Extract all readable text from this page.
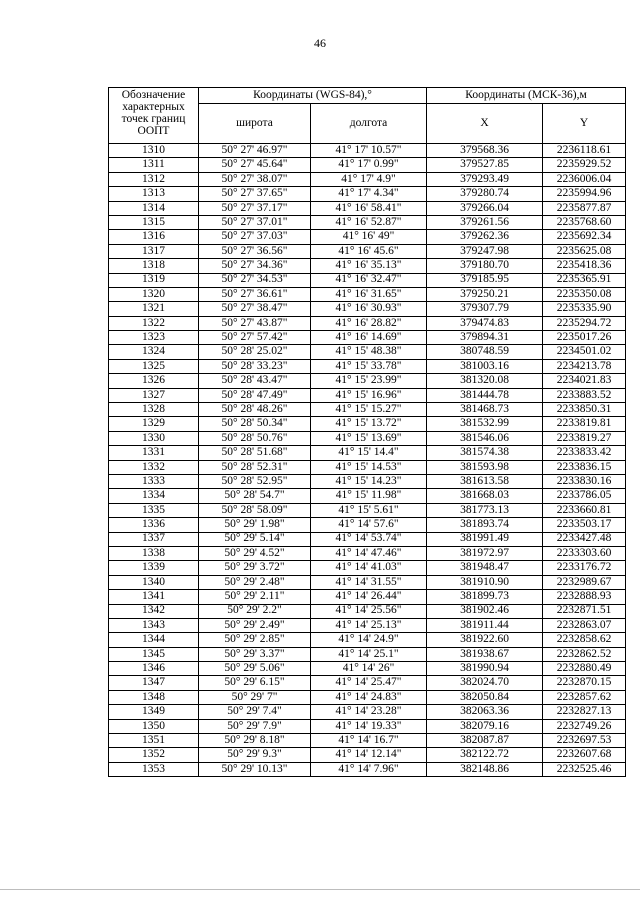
46
Обозначение характерных точек границ ООПТ	Координаты (WGS-84),°		Координаты (МСК-36),м	
	широта	долгота	X	Y
1310	50° 27' 46.97"	41° 17' 10.57"	379568.36	2236118.61
1311	50° 27' 45.64"	41° 17' 0.99"	379527.85	2235929.52
1312	50° 27' 38.07"	41° 17' 4.9"	379293.49	2236006.04
1313	50° 27' 37.65"	41° 17' 4.34"	379280.74	2235994.96
1314	50° 27' 37.17"	41° 16' 58.41"	379266.04	2235877.87
1315	50° 27' 37.01"	41° 16' 52.87"	379261.56	2235768.60
1316	50° 27' 37.03"	41° 16' 49"	379262.36	2235692.34
1317	50° 27' 36.56"	41° 16' 45.6"	379247.98	2235625.08
1318	50° 27' 34.36"	41° 16' 35.13"	379180.70	2235418.36
1319	50° 27' 34.53"	41° 16' 32.47"	379185.95	2235365.91
1320	50° 27' 36.61"	41° 16' 31.65"	379250.21	2235350.08
1321	50° 27' 38.47"	41° 16' 30.93"	379307.79	2235335.90
1322	50° 27' 43.87"	41° 16' 28.82"	379474.83	2235294.72
1323	50° 27' 57.42"	41° 16' 14.69"	379894.31	2235017.26
1324	50° 28' 25.02"	41° 15' 48.38"	380748.59	2234501.02
1325	50° 28' 33.23"	41° 15' 33.78"	381003.16	2234213.78
1326	50° 28' 43.47"	41° 15' 23.99"	381320.08	2234021.83
1327	50° 28' 47.49"	41° 15' 16.96"	381444.78	2233883.52
1328	50° 28' 48.26"	41° 15' 15.27"	381468.73	2233850.31
1329	50° 28' 50.34"	41° 15' 13.72"	381532.99	2233819.81
1330	50° 28' 50.76"	41° 15' 13.69"	381546.06	2233819.27
1331	50° 28' 51.68"	41° 15' 14.4"	381574.38	2233833.42
1332	50° 28' 52.31"	41° 15' 14.53"	381593.98	2233836.15
1333	50° 28' 52.95"	41° 15' 14.23"	381613.58	2233830.16
1334	50° 28' 54.7"	41° 15' 11.98"	381668.03	2233786.05
1335	50° 28' 58.09"	41° 15' 5.61"	381773.13	2233660.81
1336	50° 29' 1.98"	41° 14' 57.6"	381893.74	2233503.17
1337	50° 29' 5.14"	41° 14' 53.74"	381991.49	2233427.48
1338	50° 29' 4.52"	41° 14' 47.46"	381972.97	2233303.60
1339	50° 29' 3.72"	41° 14' 41.03"	381948.47	2233176.72
1340	50° 29' 2.48"	41° 14' 31.55"	381910.90	2232989.67
1341	50° 29' 2.11"	41° 14' 26.44"	381899.73	2232888.93
1342	50° 29' 2.2"	41° 14' 25.56"	381902.46	2232871.51
1343	50° 29' 2.49"	41° 14' 25.13"	381911.44	2232863.07
1344	50° 29' 2.85"	41° 14' 24.9"	381922.60	2232858.62
1345	50° 29' 3.37"	41° 14' 25.1"	381938.67	2232862.52
1346	50° 29' 5.06"	41° 14' 26"	381990.94	2232880.49
1347	50° 29' 6.15"	41° 14' 25.47"	382024.70	2232870.15
1348	50° 29' 7"	41° 14' 24.83"	382050.84	2232857.62
1349	50° 29' 7.4"	41° 14' 23.28"	382063.36	2232827.13
1350	50° 29' 7.9"	41° 14' 19.33"	382079.16	2232749.26
1351	50° 29' 8.18"	41° 14' 16.7"	382087.87	2232697.53
1352	50° 29' 9.3"	41° 14' 12.14"	382122.72	2232607.68
1353	50° 29' 10.13"	41° 14' 7.96"	382148.86	2232525.46
